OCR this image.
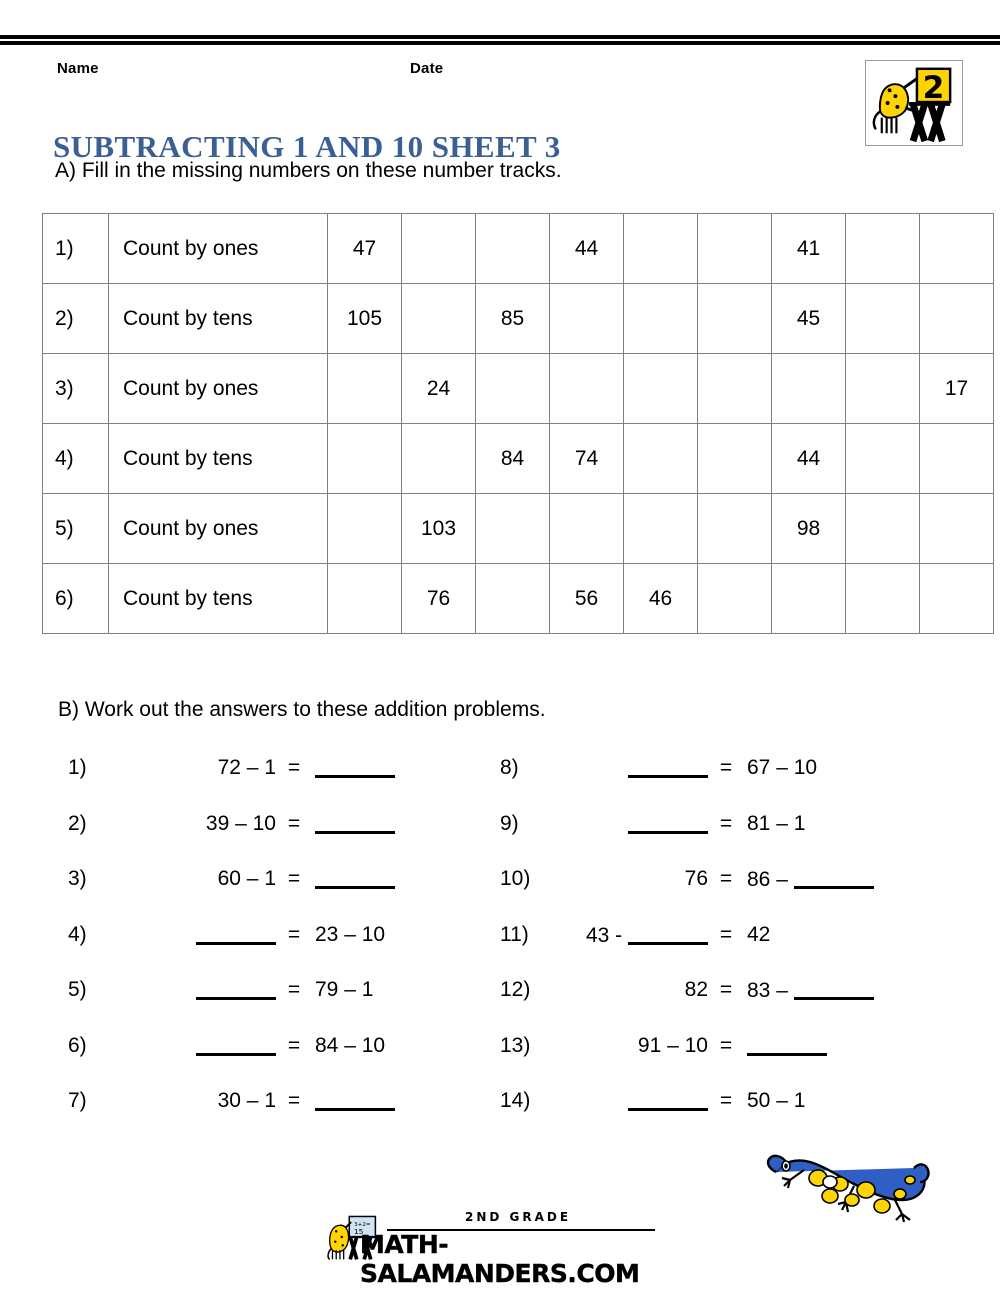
Name	Date
SUBTRACTING 1 AND 10 SHEET 3
A) Fill in the missing numbers on these number tracks.
2
1)	Count by ones	47			44			41		
2)	Count by tens	105		85				45		
3)	Count by ones		24							17
4)	Count by tens			84	74			44		
5)	Count by ones		103					98		
6)	Count by tens		76		56	46				
B) Work out the answers to these addition problems.
1)	72 – 1 =
2)	39 – 10 =
3)	60 – 1 =
4)	= 23 – 10
5)	= 79 – 1
6)	= 84 – 10
7)	30 – 1 =
8)	= 67 – 10
9)	= 81 – 1
10)	76 = 86 –
11)	43 -	= 42
12)	82 = 83 –
13)	91 – 10 =
14)	= 50 – 1
3+2=
15
2ND GRADE
MATH-SALAMANDERS.COM
